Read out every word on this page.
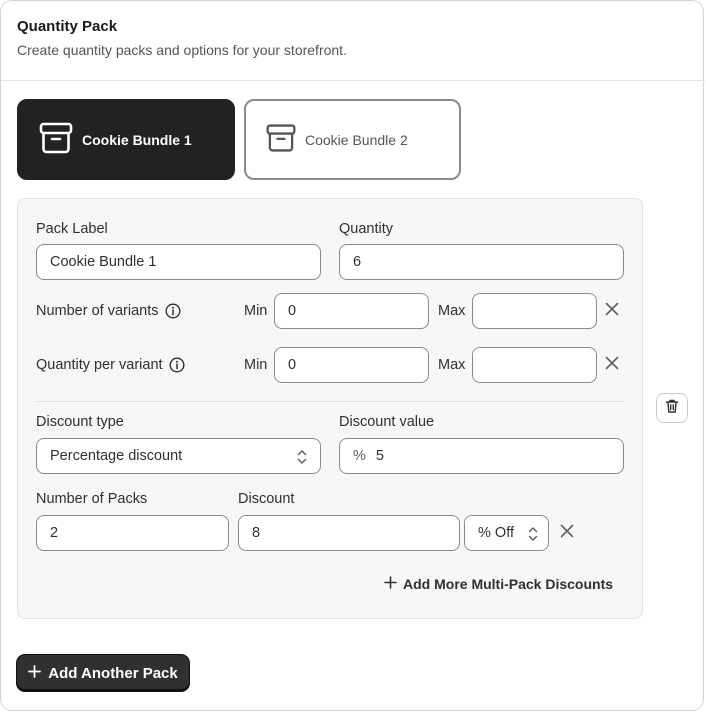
Quantity Pack
Create quantity packs and options for your storefront.
Cookie Bundle 1	Cookie Bundle 2
Pack Label
Cookie Bundle 1
Quantity
6
Number of variants	Min	0	Max
Quantity per variant	Min	0	Max
Discount type
Percentage discount
Discount value
% 5
Number of Packs
2
Discount
8	% Off
Add More Multi-Pack Discounts
Add Another Pack
